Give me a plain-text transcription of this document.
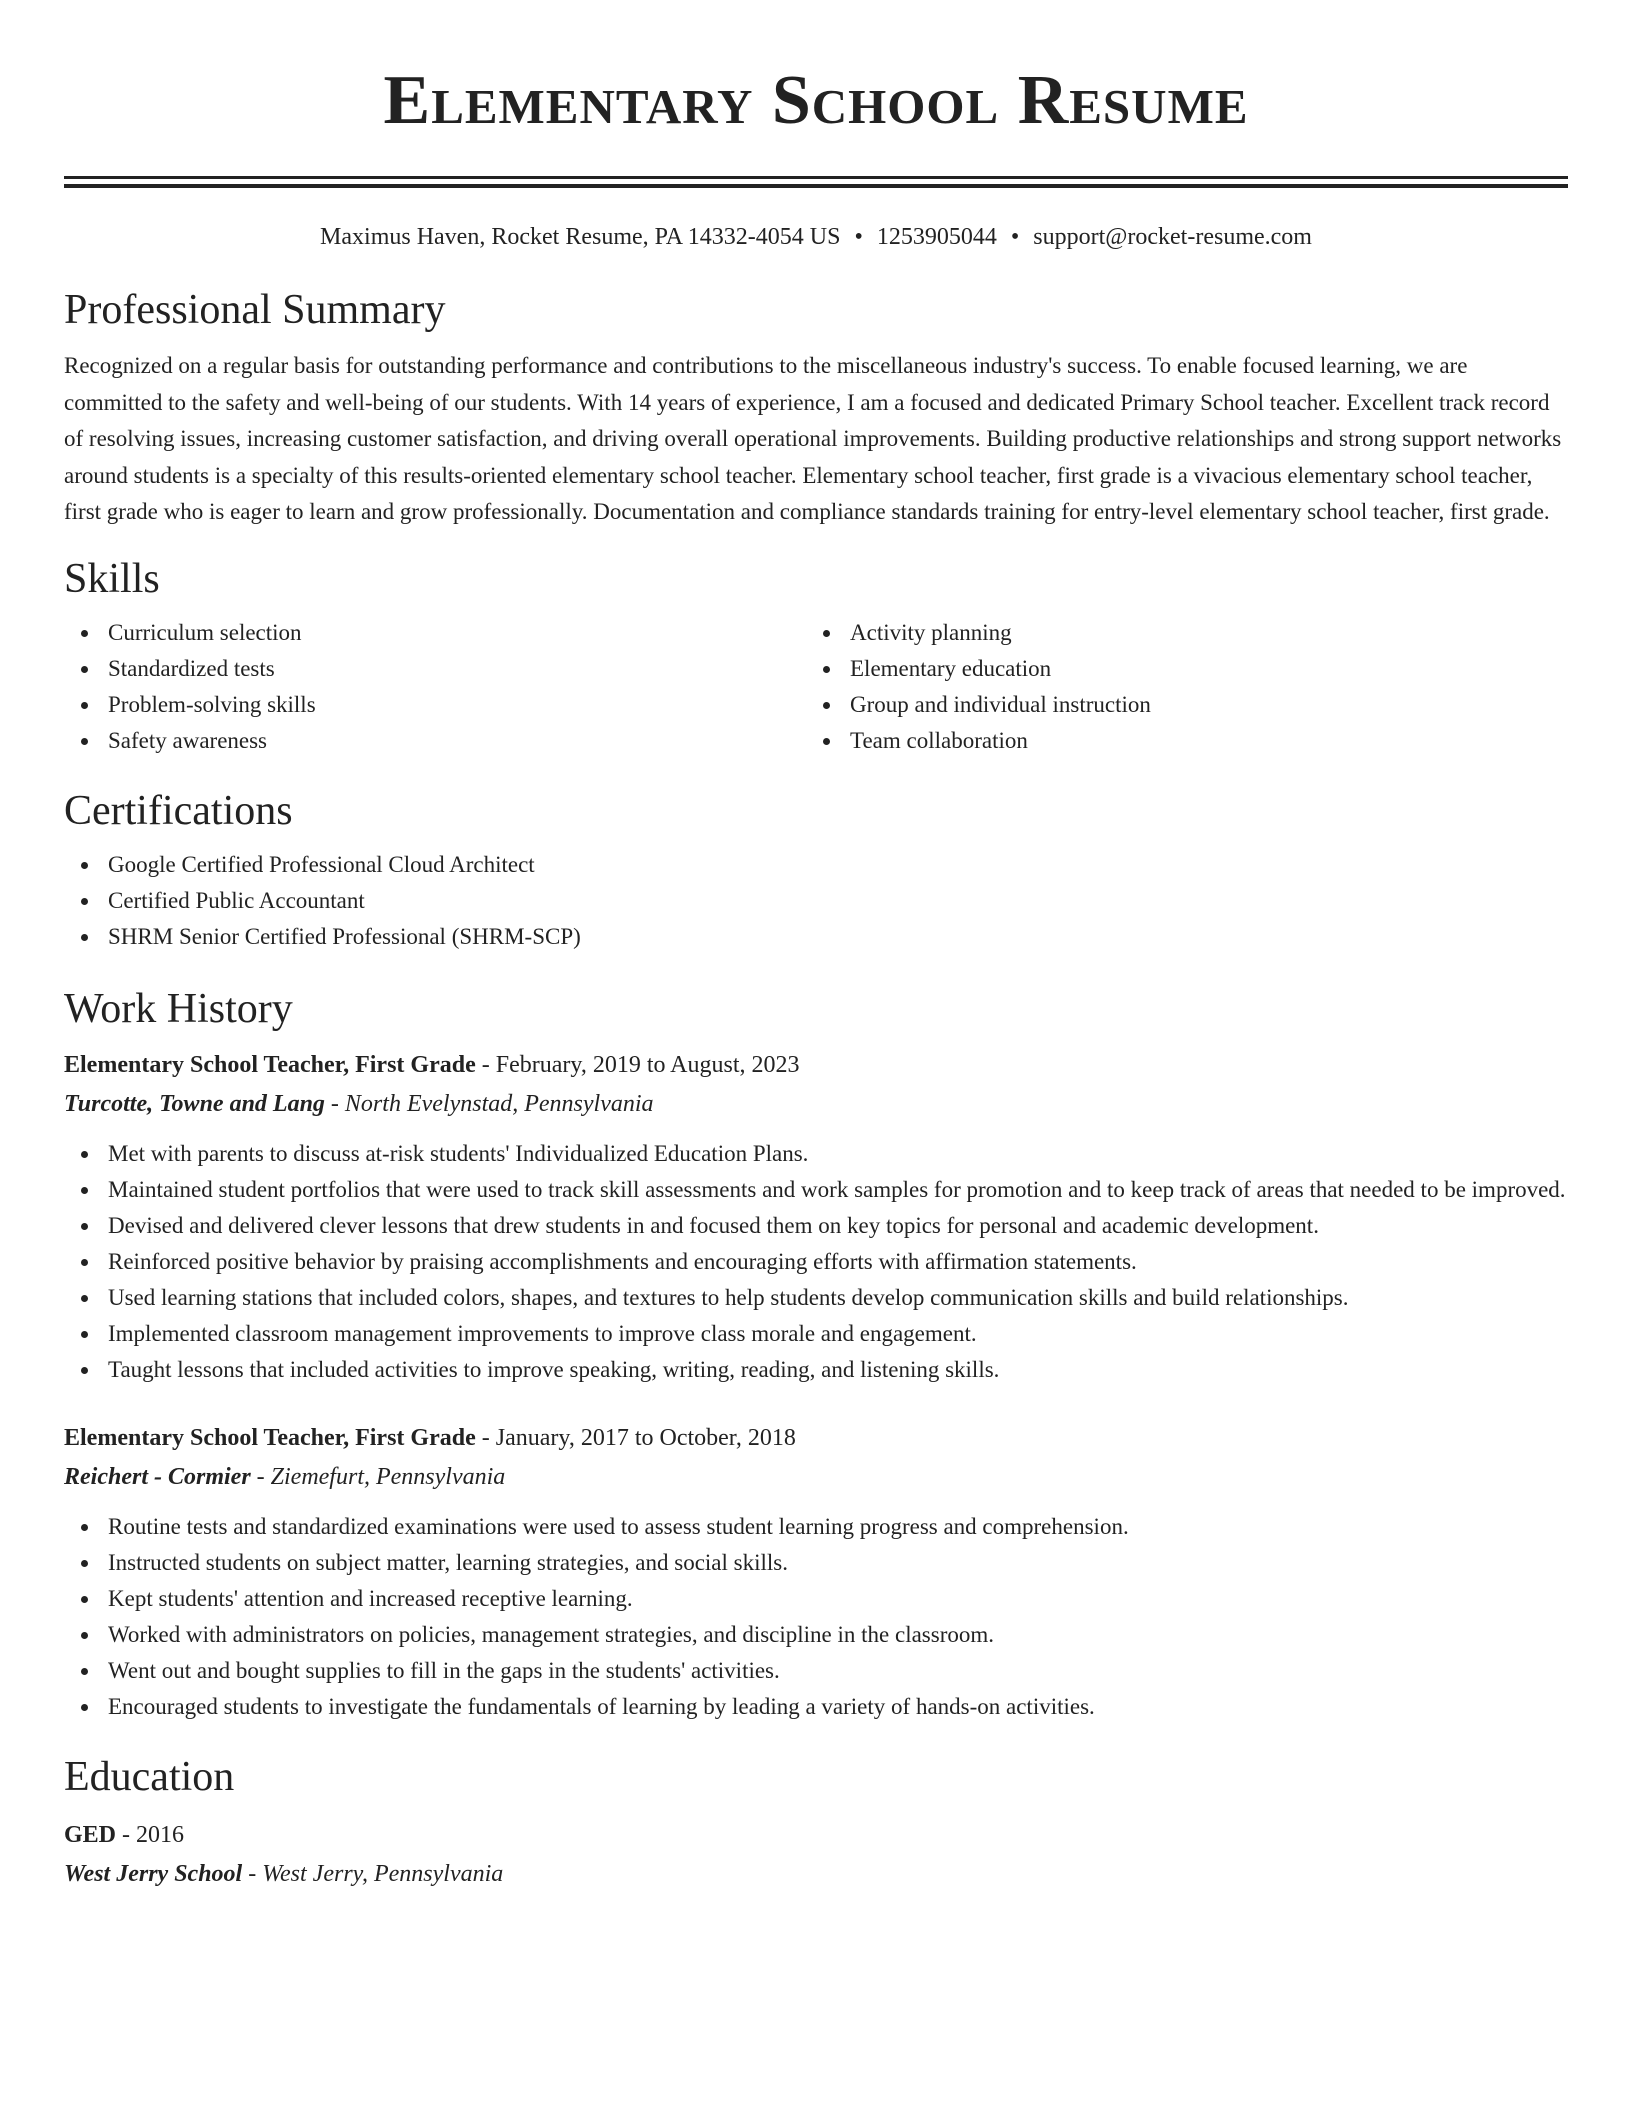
Elementary School Resume
Maximus Haven, Rocket Resume, PA 14332-4054 US • 1253905044 • support@rocket-resume.com
Professional Summary

Recognized on a regular basis for outstanding performance and contributions to the miscellaneous industry's success. To enable focused learning, we are committed to the safety and well-being of our students. With 14 years of experience, I am a focused and dedicated Primary School teacher. Excellent track record of resolving issues, increasing customer satisfaction, and driving overall operational improvements. Building productive relationships and strong support networks around students is a specialty of this results-oriented elementary school teacher. Elementary school teacher, first grade is a vivacious elementary school teacher, first grade who is eager to learn and grow professionally. Documentation and compliance standards training for entry-level elementary school teacher, first grade.

Skills
Curriculum selection
Standardized tests
Problem-solving skills
Safety awareness
Activity planning
Elementary education
Group and individual instruction
Team collaboration
Certifications
Google Certified Professional Cloud Architect
Certified Public Accountant
SHRM Senior Certified Professional (SHRM-SCP)
Work History
Elementary School Teacher, First Grade - February, 2019 to August, 2023
Turcotte, Towne and Lang - North Evelynstad, Pennsylvania
Met with parents to discuss at-risk students' Individualized Education Plans.
Maintained student portfolios that were used to track skill assessments and work samples for promotion and to keep track of areas that needed to be improved.
Devised and delivered clever lessons that drew students in and focused them on key topics for personal and academic development.
Reinforced positive behavior by praising accomplishments and encouraging efforts with affirmation statements.
Used learning stations that included colors, shapes, and textures to help students develop communication skills and build relationships.
Implemented classroom management improvements to improve class morale and engagement.
Taught lessons that included activities to improve speaking, writing, reading, and listening skills.
Elementary School Teacher, First Grade - January, 2017 to October, 2018
Reichert - Cormier - Ziemefurt, Pennsylvania
Routine tests and standardized examinations were used to assess student learning progress and comprehension.
Instructed students on subject matter, learning strategies, and social skills.
Kept students' attention and increased receptive learning.
Worked with administrators on policies, management strategies, and discipline in the classroom.
Went out and bought supplies to fill in the gaps in the students' activities.
Encouraged students to investigate the fundamentals of learning by leading a variety of hands-on activities.
Education
GED - 2016
West Jerry School - West Jerry, Pennsylvania
